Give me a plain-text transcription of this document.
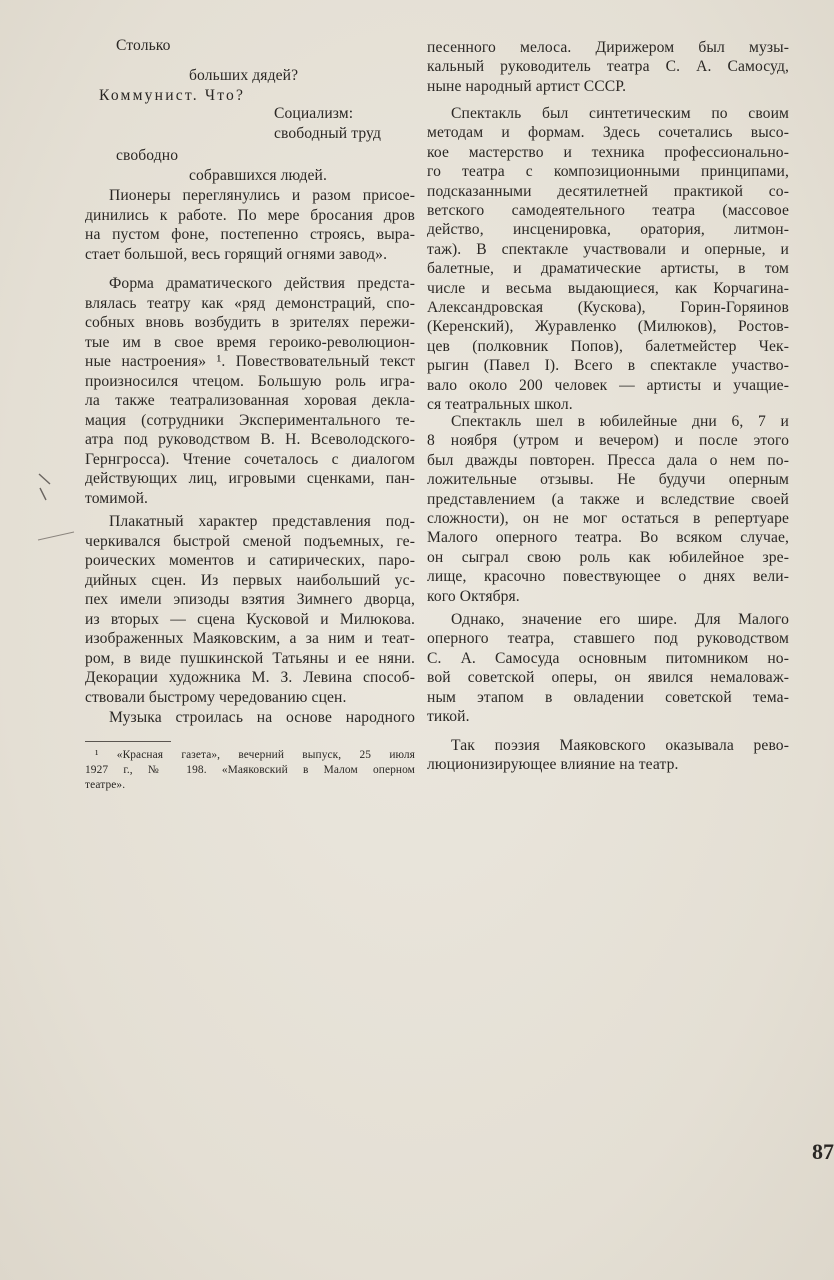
Столько
больших дядей?
Коммунист. Что?
Социализм:
свободный труд
свободно
собравшихся людей.
Пионеры переглянулись и разом присое-
динились к работе. По мере бросания дров
на пустом фоне, постепенно строясь, выра-
стает большой, весь горящий огнями завод».
Форма драматического действия предста-
влялась театру как «ряд демонстраций, спо-
собных вновь возбудить в зрителях пережи-
тые им в свое время героико-революцион-
ные настроения» ¹. Повествовательный текст
произносился чтецом. Большую роль игра-
ла также театрализованная хоровая декла-
мация (сотрудники Экспериментального те-
атра под руководством В. Н. Всеволодского-
Гернгросса). Чтение сочеталось с диалогом
действующих лиц, игровыми сценками, пан-
томимой.
Плакатный характер представления под-
черкивался быстрой сменой подъемных, ге-
роических моментов и сатирических, паро-
дийных сцен. Из первых наибольший ус-
пех имели эпизоды взятия Зимнего дворца,
из вторых — сцена Кусковой и Милюкова.
изображенных Маяковским, а за ним и теат-
ром, в виде пушкинской Татьяны и ее няни.
Декорации художника М. З. Левина способ-
ствовали быстрому чередованию сцен.
Музыка строилась на основе народного
¹ «Красная газета», вечерний выпуск, 25 июля
1927 г., № 198. «Маяковский в Малом оперном
театре».
песенного мелоса. Дирижером был музы-
кальный руководитель театра С. А. Самосуд,
ныне народный артист СССР.
Спектакль был синтетическим по своим
методам и формам. Здесь сочетались высо-
кое мастерство и техника профессионально-
го театра с композиционными принципами,
подсказанными десятилетней практикой со-
ветского самодеятельного театра (массовое
действо, инсценировка, оратория, литмон-
таж). В спектакле участвовали и оперные, и
балетные, и драматические артисты, в том
числе и весьма выдающиеся, как Корчагина-
Александровская (Кускова), Горин-Горяинов
(Керенский), Журавленко (Милюков), Ростов-
цев (полковник Попов), балетмейстер Чек-
рыгин (Павел I). Всего в спектакле участво-
вало около 200 человек — артисты и учащие-
ся театральных школ.
Спектакль шел в юбилейные дни 6, 7 и
8 ноября (утром и вечером) и после этого
был дважды повторен. Пресса дала о нем по-
ложительные отзывы. Не будучи оперным
представлением (а также и вследствие своей
сложности), он не мог остаться в репертуаре
Малого оперного театра. Во всяком случае,
он сыграл свою роль как юбилейное зре-
лище, красочно повествующее о днях вели-
кого Октября.
Однако, значение его шире. Для Малого
оперного театра, ставшего под руководством
С. А. Самосуда основным питомником но-
вой советской оперы, он явился немаловаж-
ным этапом в овладении советской тема-
тикой.
Так поэзия Маяковского оказывала рево-
люционизирующее влияние на театр.
87
